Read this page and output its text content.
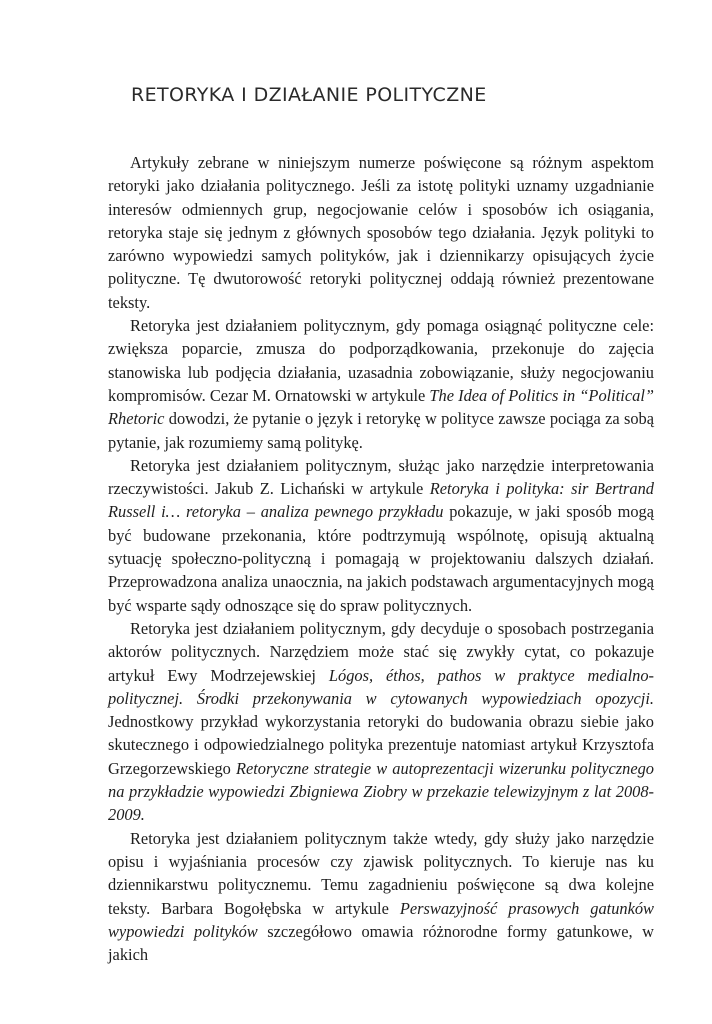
RETORYKA I DZIAŁANIE POLITYCZNE

Artykuły zebrane w niniejszym numerze poświęcone są różnym aspektom retoryki jako działania politycznego. Jeśli za istotę polityki uznamy uzgadnianie interesów odmiennych grup, negocjowanie celów i sposobów ich osiągania, retoryka staje się jednym z głównych sposobów tego działania. Język polityki to zarówno wypowiedzi samych polityków, jak i dziennikarzy opisujących życie polityczne. Tę dwutorowość retoryki politycznej oddają również prezentowane teksty.

Retoryka jest działaniem politycznym, gdy pomaga osiągnąć polityczne cele: zwiększa poparcie, zmusza do podporządkowania, przekonuje do zajęcia stanowiska lub podjęcia działania, uzasadnia zobowiązanie, służy negocjowaniu kompromisów. Cezar M. Ornatowski w artykule The Idea of Politics in “Political” Rhetoric dowodzi, że pytanie o język i retorykę w polityce zawsze pociąga za sobą pytanie, jak rozumiemy samą politykę.

Retoryka jest działaniem politycznym, służąc jako narzędzie interpretowania rzeczywistości. Jakub Z. Lichański w artykule Retoryka i polityka: sir Bertrand Russell i… retoryka – analiza pewnego przykładu pokazuje, w jaki sposób mogą być budowane przekonania, które podtrzymują wspólnotę, opisują aktualną sytuację społeczno-polityczną i pomagają w projektowaniu dalszych działań. Przeprowadzona analiza unaocznia, na jakich podstawach argumentacyjnych mogą być wsparte sądy odnoszące się do spraw politycznych.

Retoryka jest działaniem politycznym, gdy decyduje o sposobach postrzegania aktorów politycznych. Narzędziem może stać się zwykły cytat, co pokazuje artykuł Ewy Modrzejewskiej Lógos, éthos, pathos w praktyce medialno-politycznej. Środki przekonywania w cytowanych wypowiedziach opozycji. Jednostkowy przykład wykorzystania retoryki do budowania obrazu siebie jako skutecznego i odpowiedzialnego polityka prezentuje natomiast artykuł Krzysztofa Grzegorzewskiego Retoryczne strategie w autoprezentacji wizerunku politycznego na przykładzie wypowiedzi Zbigniewa Ziobry w przekazie telewizyjnym z lat 2008-2009.

Retoryka jest działaniem politycznym także wtedy, gdy służy jako narzędzie opisu i wyjaśniania procesów czy zjawisk politycznych. To kieruje nas ku dziennikarstwu politycznemu. Temu zagadnieniu poświęcone są dwa kolejne teksty. Barbara Bogołębska w artykule Perswazyjność prasowych gatunków wypowiedzi polityków szczegółowo omawia różnorodne formy gatunkowe, w jakich
